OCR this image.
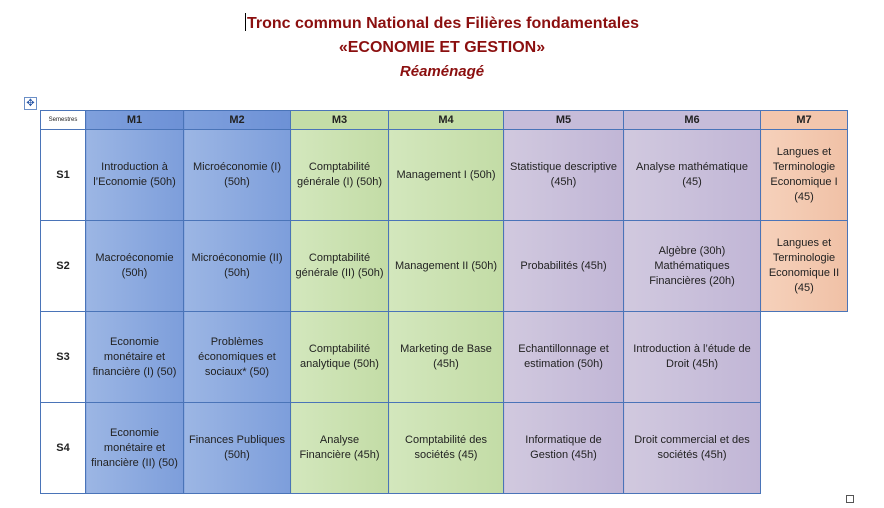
Tronc commun National des Filières fondamentales
«ECONOMIE ET GESTION»
Réaménagé
✥
Semestres	M1	M2	M3	M4	M5	M6	M7
S1	Introduction à l’Economie (50h)	Microéconomie (I) (50h)	Comptabilité générale (I) (50h)	Management I (50h)	Statistique descriptive (45h)	Analyse mathématique (45)	Langues et Terminologie Economique I (45)
S2	Macroéconomie (50h)	Microéconomie (II) (50h)	Comptabilité générale (II) (50h)	Management II (50h)	Probabilités (45h)	Algèbre (30h) Mathématiques Financières (20h)	Langues et Terminologie Economique II (45)
S3	Economie monétaire et financière (I) (50)	Problèmes économiques et sociaux* (50)	Comptabilité analytique (50h)	Marketing de Base (45h)	Echantillonnage et estimation (50h)	Introduction à l’étude de Droit (45h)	
S4	Economie monétaire et financière (II) (50)	Finances Publiques (50h)	Analyse Financière (45h)	Comptabilité des sociétés (45)	Informatique de Gestion (45h)	Droit commercial et des sociétés (45h)	
